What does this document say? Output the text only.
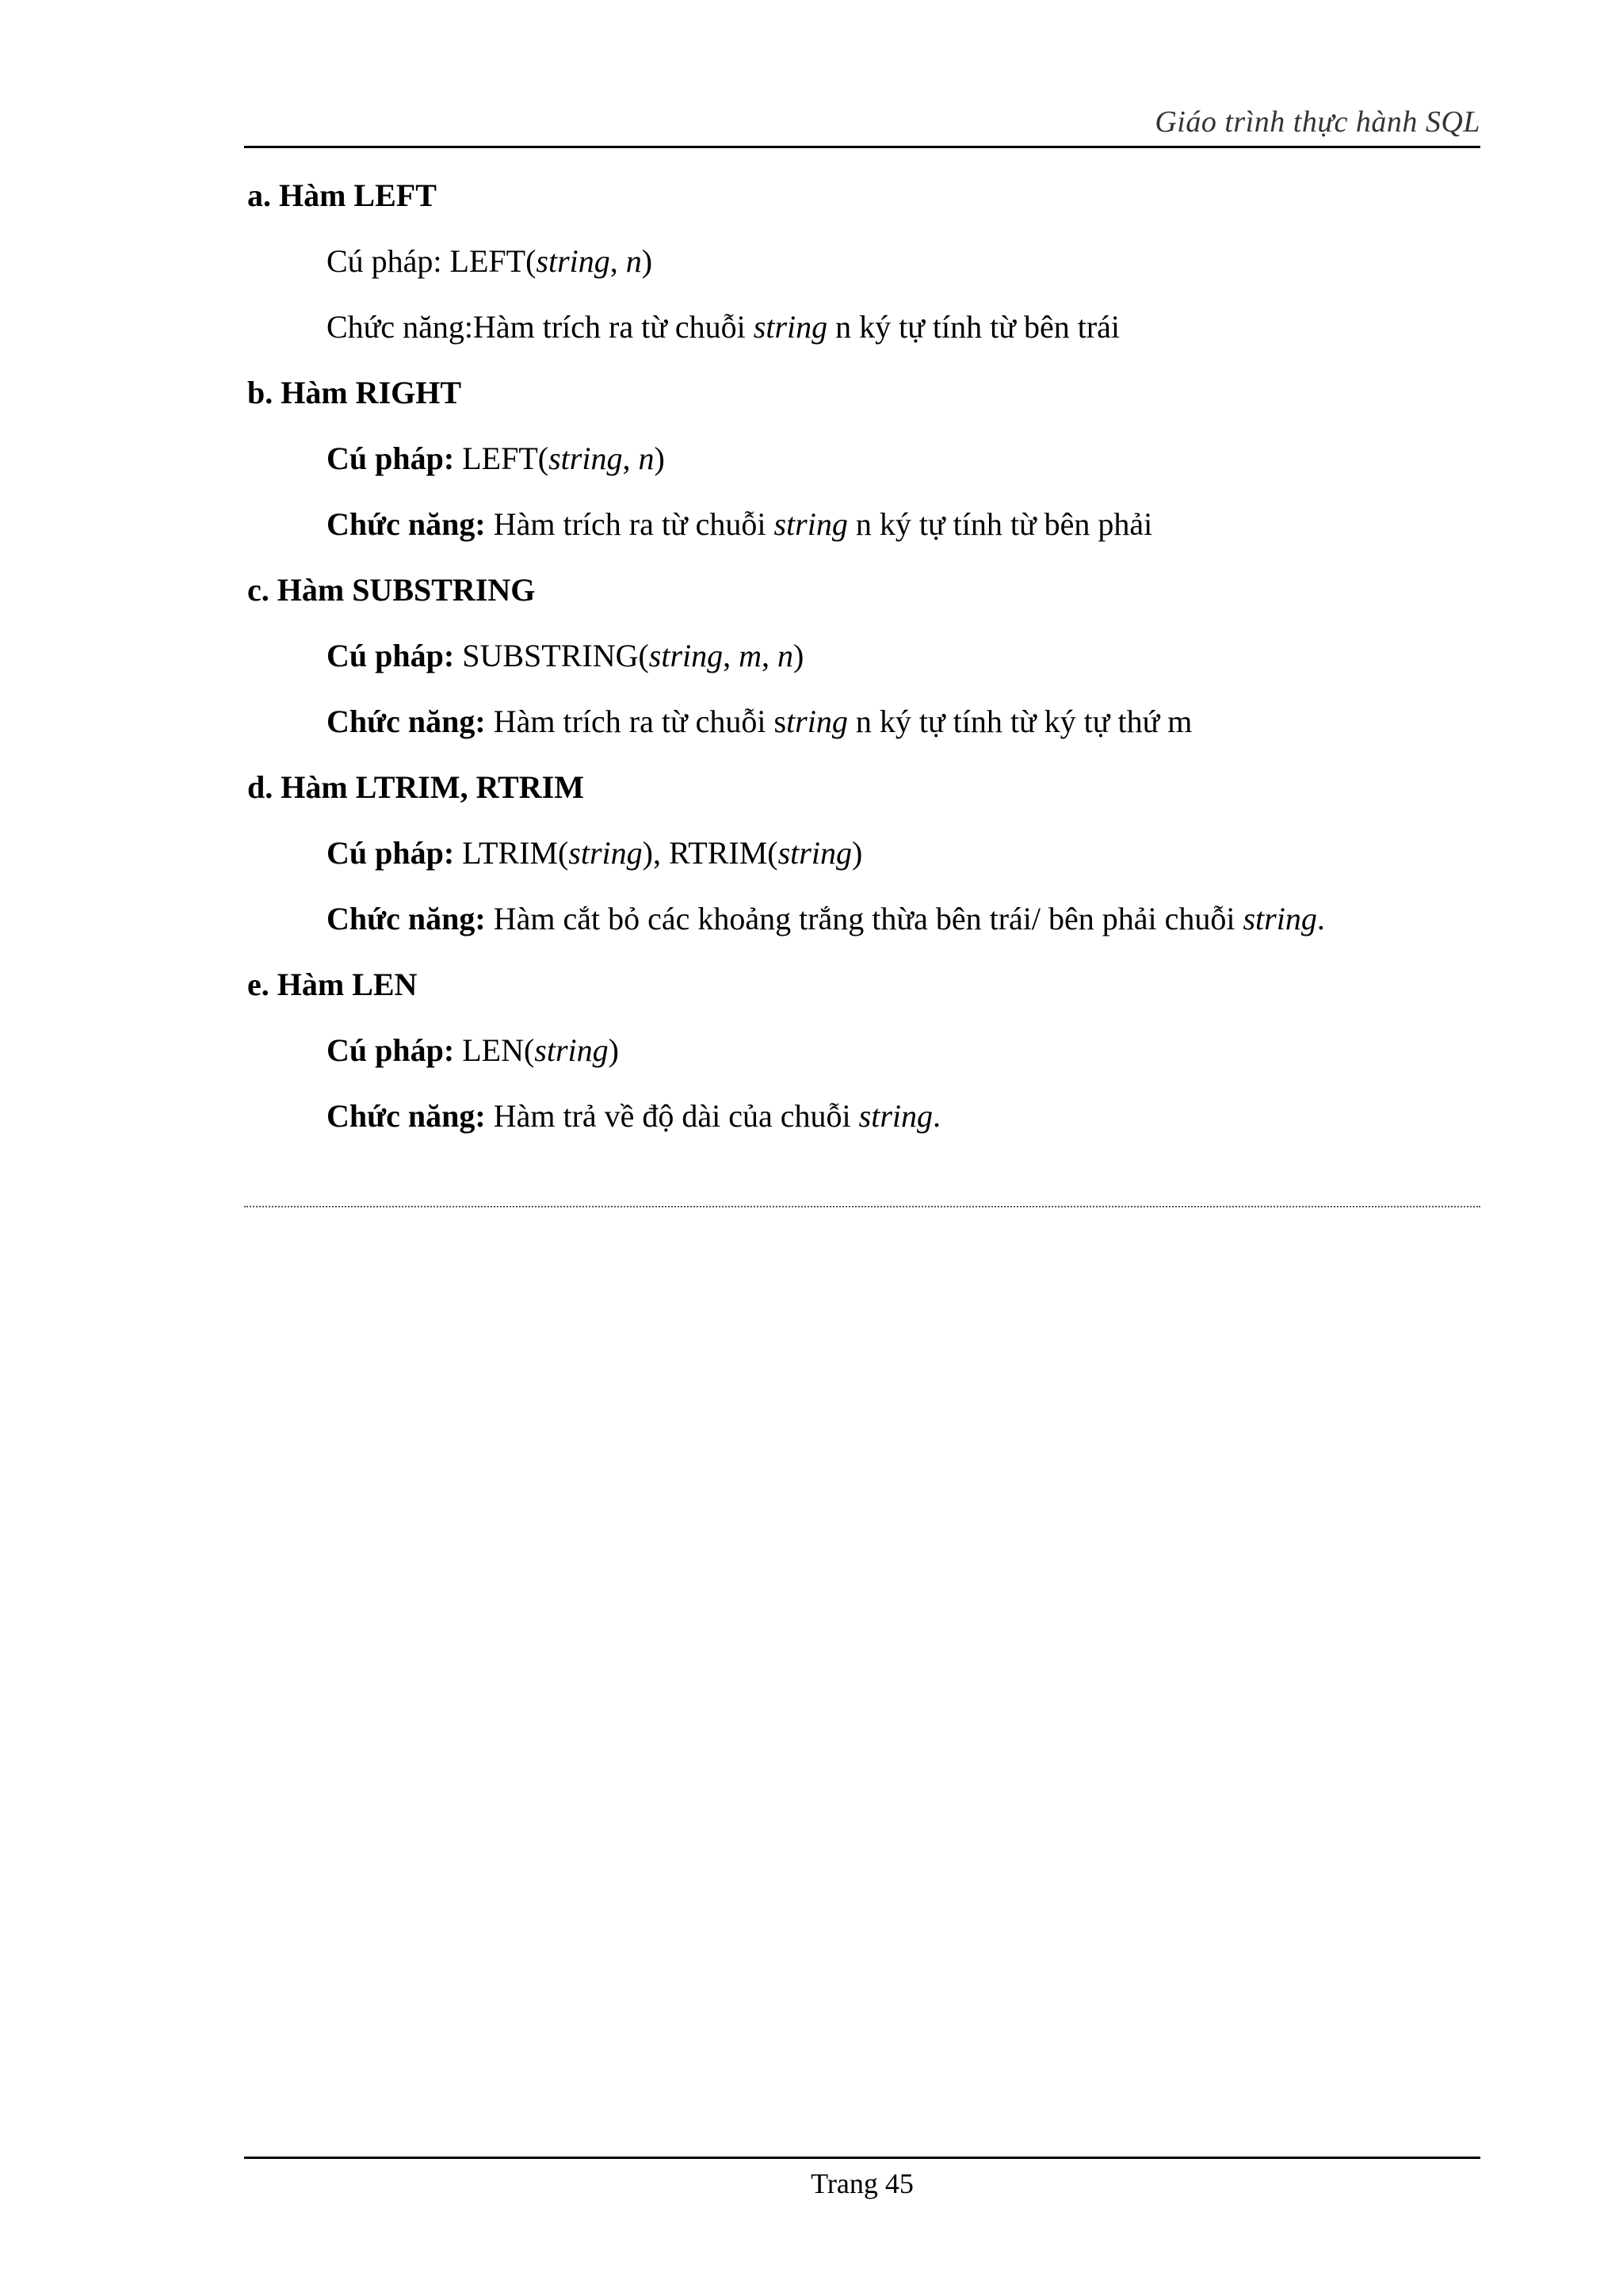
Giáo trình thực hành SQL
a. Hàm LEFT
Cú pháp: LEFT(string, n)
Chức năng:Hàm trích ra từ chuỗi string n ký tự tính từ bên trái
b. Hàm RIGHT
Cú pháp: LEFT(string, n)
Chức năng: Hàm trích ra từ chuỗi string n ký tự tính từ bên phải
c. Hàm SUBSTRING
Cú pháp: SUBSTRING(string, m, n)
Chức năng: Hàm trích ra từ chuỗi string n ký tự tính từ ký tự thứ m
d. Hàm LTRIM, RTRIM
Cú pháp: LTRIM(string), RTRIM(string)
Chức năng: Hàm cắt bỏ các khoảng trắng thừa bên trái/ bên phải chuỗi string.
e. Hàm LEN
Cú pháp: LEN(string)
Chức năng: Hàm trả về độ dài của chuỗi string.
Trang 45
